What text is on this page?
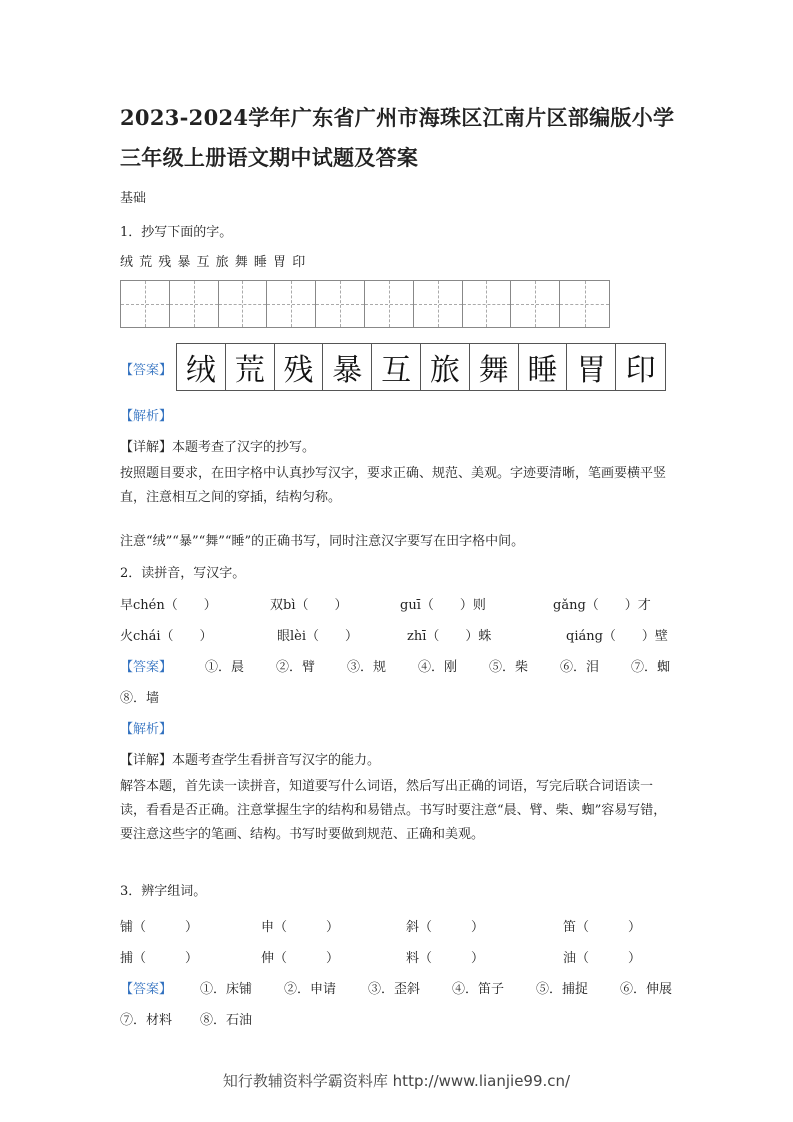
2023-2024学年广东省广州市海珠区江南片区部编版小学三年级上册语文期中试题及答案
基础
1．抄写下面的字。
绒 荒 残 暴 互 旅 舞 睡 胃 印
【答案】 绒 荒 残 暴 互 旅 舞 睡 胃 印
【解析】
【详解】本题考查了汉字的抄写。
按照题目要求，在田字格中认真抄写汉字，要求正确、规范、美观。字迹要清晰，笔画要横平竖直，注意相互之间的穿插，结构匀称。
注意“绒”“暴”“舞”“睡”的正确书写，同时注意汉字要写在田字格中间。
2．读拼音，写汉字。
早chén（　　）	双bì（　　）	guī（　　）则	gǎng（　　）才
火chái（　　）	眼lèi（　　）	zhī（　　）蛛	qiáng（　　）壁
【答案】	①．晨 ②．臂 ③．规 ④．刚 ⑤．柴 ⑥．泪 ⑦．蜘
⑧．墙
【解析】
【详解】本题考查学生看拼音写汉字的能力。
解答本题，首先读一读拼音，知道要写什么词语，然后写出正确的词语，写完后联合词语读一读，看看是否正确。注意掌握生字的结构和易错点。书写时要注意“晨、臂、柴、蜘”容易写错，要注意这些字的笔画、结构。书写时要做到规范、正确和美观。
3．辨字组词。
铺（　　　）	申（　　　）	斜（　　　）	笛（　　　）
捕（　　　）	伸（　　　）	料（　　　）	油（　　　）
【答案】 ①．床铺 ②．申请 ③．歪斜 ④．笛子 ⑤．捕捉 ⑥．伸展
⑦．材料 ⑧．石油
知行教辅资料学霸资料库 http://www.lianjie99.cn/
